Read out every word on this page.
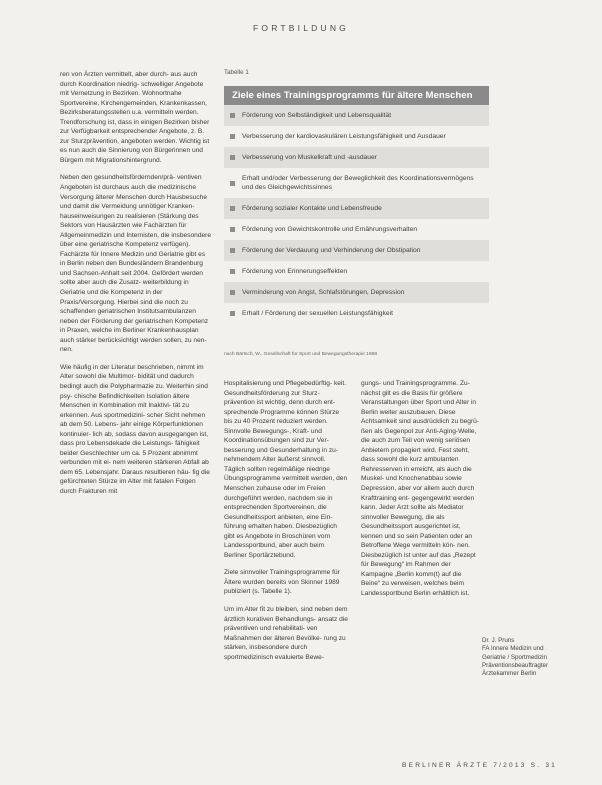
FORTBILDUNG

ren von Ärzten vermittelt, aber durch- aus auch durch Koordination niedrig- schwelliger Angebote mit Vernetzung in Bezirken. Wohnortnahe Sportvereine, Kirchengemeinden, Krankenkassen, Bezirksberatungsstellen u.a. vermitteln werden. Trendforschung ist, dass in einigen Bezirken bisher zur Verfügbarkeit entsprechender Angebote, z. B. zur Sturzprävention, angeboten werden. Wichtig ist es nun auch die Sinnierung von Bürgerinnen und Bürgern mit Migrationshintergrund.

Neben den gesundheitsfördernden/prä- ventiven Angeboten ist durchaus auch die medizinische Versorgung älterer Menschen durch Hausbesuche und damit die Vermeidung unnötiger Kranken- hauseinweisungen zu realisieren (Stärkung des Sektors von Hausärzten wie Fachärzten für Allgemeinmedizin und Internisten, die insbesondere über eine geriatrische Kompetenz verfügen). Fachärzte für Innere Medizin und Geriatrie gibt es in Berlin neben den Bundesländern Brandenburg und Sachsen-Anhalt seit 2004. Gefördert werden sollte aber auch die Zusatz- weiterbildung in Geriatrie und die Kompetenz in der Praxis/Versorgung. Hierbei sind die noch zu schaffenden geriatrischen Institutsambulanzen neben der Förderung der geriatrischen Kompetenz in Praxen, welche im Berliner Krankenhausplan auch stärker berücksichtigt werden sollen, zu nen- nen.

Wie häufig in der Literatur beschrieben, nimmt im Alter sowohl die Multimor- bidität und dadurch bedingt auch die Polypharmazie zu. Weiterhin sind psy- chische Befindlichkeiten Isolation ältere Menschen in Kombination mit Inaktivi- tät zu erkennen. Aus sportmedizini- scher Sicht nehmen ab dem 50. Lebens- jahr einige Körperfunktionen kontinuier- lich ab, sodass davon ausgegangen ist, dass pro Lebensdekade die Leistungs- fähigkeit beider Geschlechter um ca. 5 Prozent abnimmt verbunden mit ei- nem weiteren stärkeren Abfall ab dem 65. Lebensjahr. Daraus resultieren häu- fig die gefürchteten Stürze im Alter mit fatalen Folgen durch Frakturen mit

Tabelle 1
Ziele eines Trainingsprogramms für ältere Menschen
Förderung von Selbständigkeit und Lebensqualität
Verbesserung der kardiovaskulären Leistungsfähigkeit und Ausdauer
Verbesserung von Muskelkraft und -ausdauer
Erhalt und/oder Verbesserung der Beweglichkeit des Koordinationsvermögens und des Gleichgewichtssinnes
Förderung sozialer Kontakte und Lebensfreude
Förderung von Gewichtskontrolle und Ernährungsverhalten
Förderung der Verdauung und Verhinderung der Obstipation
Förderung von Erinnerungseffekten
Verminderung von Angst, Schlafstörungen, Depression
Erhalt / Förderung der sexuellen Leistungsfähigkeit
nach Bärtsch, W., Gesellschaft für Sport und Bewegungstherapie 1988

Hospitalisierung und Pflegebedürftig- keit. Gesundheitsförderung zur Sturz- prävention ist wichtig, denn durch ent- sprechende Programme können Stürze bis zu 40 Prozent reduziert werden. Sinnvolle Bewegungs-, Kraft- und Koordinationsübungen sind zur Ver- besserung und Gesunderhaltung in zu- nehmendem Alter äußerst sinnvoll. Täglich sollten regelmäßige niedrige Übungsprogramme vermittelt werden, den Menschen zuhause oder im Freien durchgeführt werden, nachdem sie in entsprechenden Sportvereinen, die Gesundheitssport anbieten, eine Ein- führung erhalten haben. Diesbezüglich gibt es Angebote in Broschüren vom Landessportbund, aber auch beim Berliner Sportärztebund.

Ziele sinnvoller Trainingsprogramme für Ältere wurden bereits von Skinner 1989 publiziert (s. Tabelle 1).

Um im Alter fit zu bleiben, sind neben dem ärztlich kurativen Behandlungs- ansatz die präventiven und rehabilitati- ven Maßnahmen der älteren Bevölke- rung zu stärken, insbesondere durch sportmedizinisch evaluierte Bewe-

gungs- und Trainingsprogramme. Zu- nächst gilt es die Basis für größere Veranstaltungen über Sport und Alter in Berlin weiter auszubauen. Diese Achtsamkeit sind ausdrücklich zu begrü- ßen als Gegenpol zur Anti-Aging-Welle, die auch zum Teil von wenig seriösen Anbietern propagiert wird. Fest steht, dass sowohl die kurz ambulanten Rehresserven in erreicht, als auch die Muskel- und Knochenabbau sowie Depression, aber vor allem auch durch Krafttraining ent- gegengewirkt werden kann. Jeder Arzt sollte als Mediator sinnvoller Bewegung, die als Gesundheitssport ausgerichtet ist, kennen und so sein Patienten oder an Betroffene Wege vermitteln kön- nen. Diesbezüglich ist unter auf das „Rezept für Bewegung“ im Rahmen der Kampagne „Berlin komm(t) auf die Beine“ zu verweisen, welches beim Landessportbund Berlin erhältlich ist.

Dr. J. Pruns
FA Innere Medizin und
Geriatrie / Sportmedizin
Präventionsbeauftragter
Ärztekammer Berlin
BERLINER ÄRZTE 7/2013 S. 31
